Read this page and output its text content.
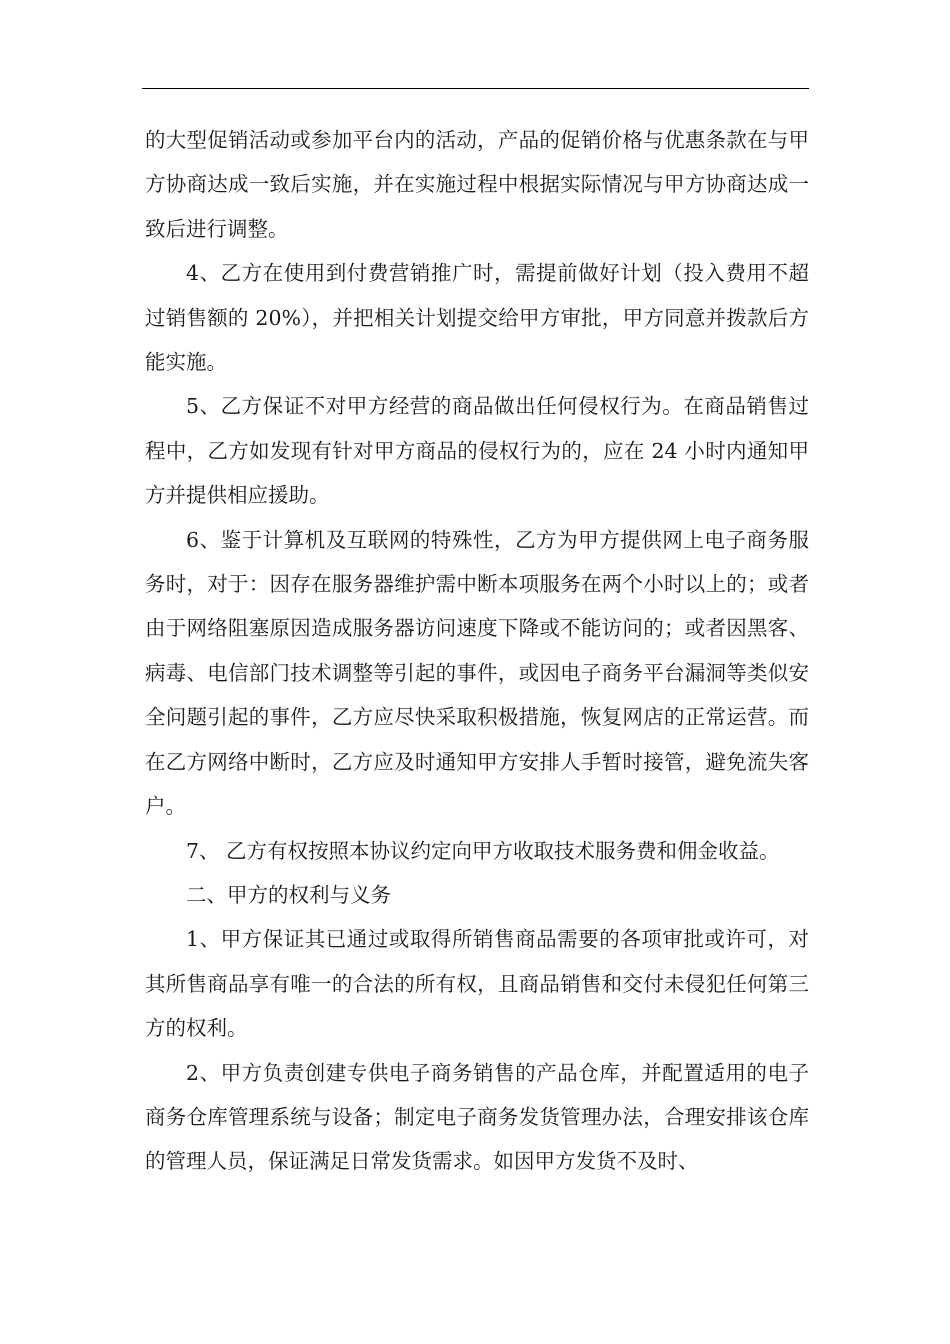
的大型促销活动或参加平台内的活动，产品的促销价格与优惠条款在与甲方协商达成一致后实施，并在实施过程中根据实际情况与甲方协商达成一致后进行调整。

4、乙方在使用到付费营销推广时，需提前做好计划（投入费用不超过销售额的 20%），并把相关计划提交给甲方审批，甲方同意并拨款后方能实施。

5、乙方保证不对甲方经营的商品做出任何侵权行为。在商品销售过程中，乙方如发现有针对甲方商品的侵权行为的，应在 24 小时内通知甲方并提供相应援助。

6、鉴于计算机及互联网的特殊性，乙方为甲方提供网上电子商务服务时，对于：因存在服务器维护需中断本项服务在两个小时以上的；或者由于网络阻塞原因造成服务器访问速度下降或不能访问的；或者因黑客、病毒、电信部门技术调整等引起的事件，或因电子商务平台漏洞等类似安全问题引起的事件，乙方应尽快采取积极措施，恢复网店的正常运营。而在乙方网络中断时，乙方应及时通知甲方安排人手暂时接管，避免流失客户。

7、 乙方有权按照本协议约定向甲方收取技术服务费和佣金收益。

二、甲方的权利与义务

1、甲方保证其已通过或取得所销售商品需要的各项审批或许可，对其所售商品享有唯一的合法的所有权，且商品销售和交付未侵犯任何第三方的权利。

2、甲方负责创建专供电子商务销售的产品仓库，并配置适用的电子商务仓库管理系统与设备；制定电子商务发货管理办法，合理安排该仓库的管理人员，保证满足日常发货需求。如因甲方发货不及时、
